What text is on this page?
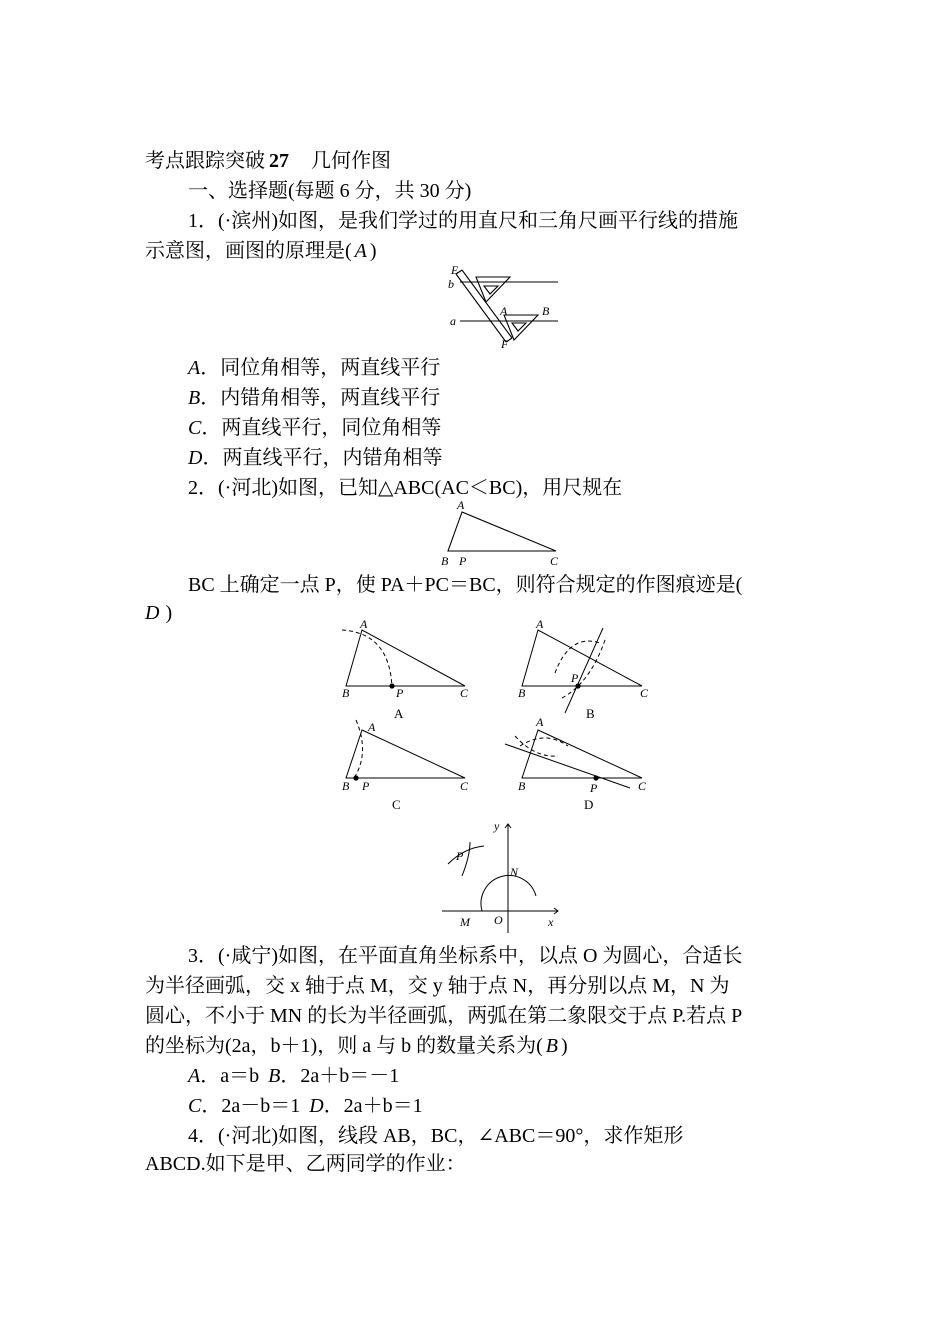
考点跟踪突破 27 几何作图
一、选择题(每题 6 分，共 30 分)
1．(·滨州)如图，是我们学过的用直尺和三角尺画平行线的措施
示意图，画图的原理是( A )
E
b
a
A	B
F
A．同位角相等，两直线平行
B．内错角相等，两直线平行
C．两直线平行，同位角相等
D．两直线平行，内错角相等
2．(·河北)如图，已知△ABC(AC＜BC)，用尺规在
A
B P	C
BC 上确定一点 P，使 PA＋PC＝BC，则符合规定的作图痕迹是(
D )	A
B	P	C
A
B
P
C
A
B P	C
A
B	P	C
A	B
C	D
y
x
P
N
M O
3．(·咸宁)如图，在平面直角坐标系中，以点 O 为圆心，合适长
为半径画弧，交 x 轴于点 M，交 y 轴于点 N，再分别以点 M，N 为
圆心，不小于 MN 的长为半径画弧，两弧在第二象限交于点 P.若点 P
的坐标为(2a，b＋1)，则 a 与 b 的数量关系为( B )
A．a＝b B．2a＋b＝－1
C．2a－b＝1 D．2a＋b＝1
4．(·河北)如图，线段 AB，BC，∠ABC＝90°，求作矩形
ABCD.如下是甲、乙两同学的作业：
